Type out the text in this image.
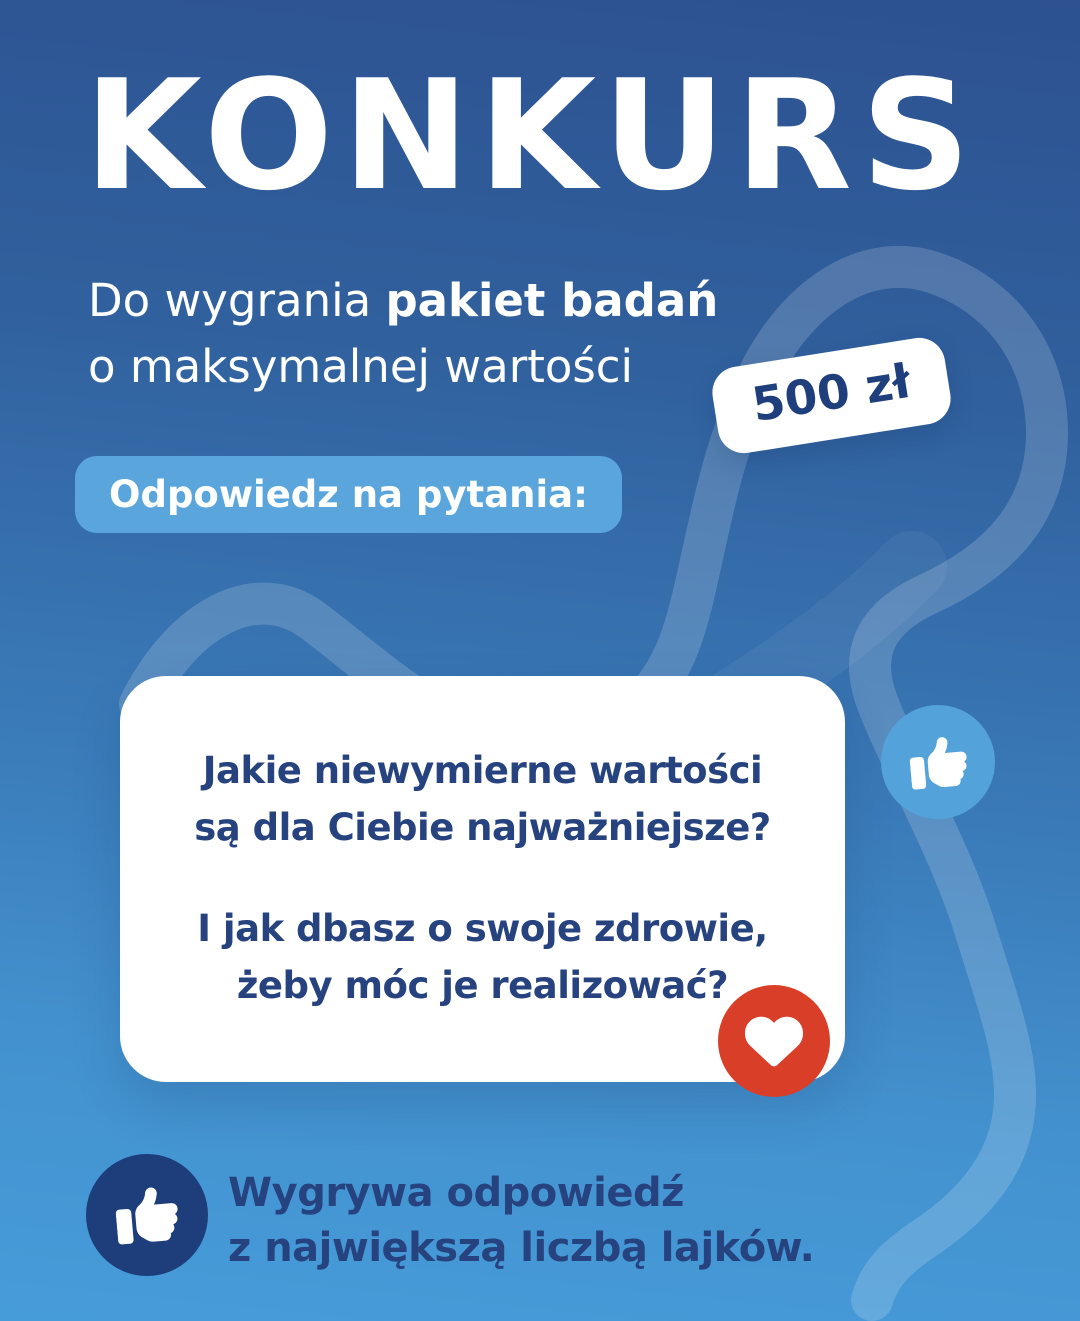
KONKURS
Do wygrania pakiet badań
o maksymalnej wartości	500 zł
Odpowiedz na pytania:
Jakie niewymierne wartości
są dla Ciebie najważniejsze?
I jak dbasz o swoje zdrowie,
żeby móc je realizować?
Wygrywa odpowiedź
z największą liczbą lajków.
